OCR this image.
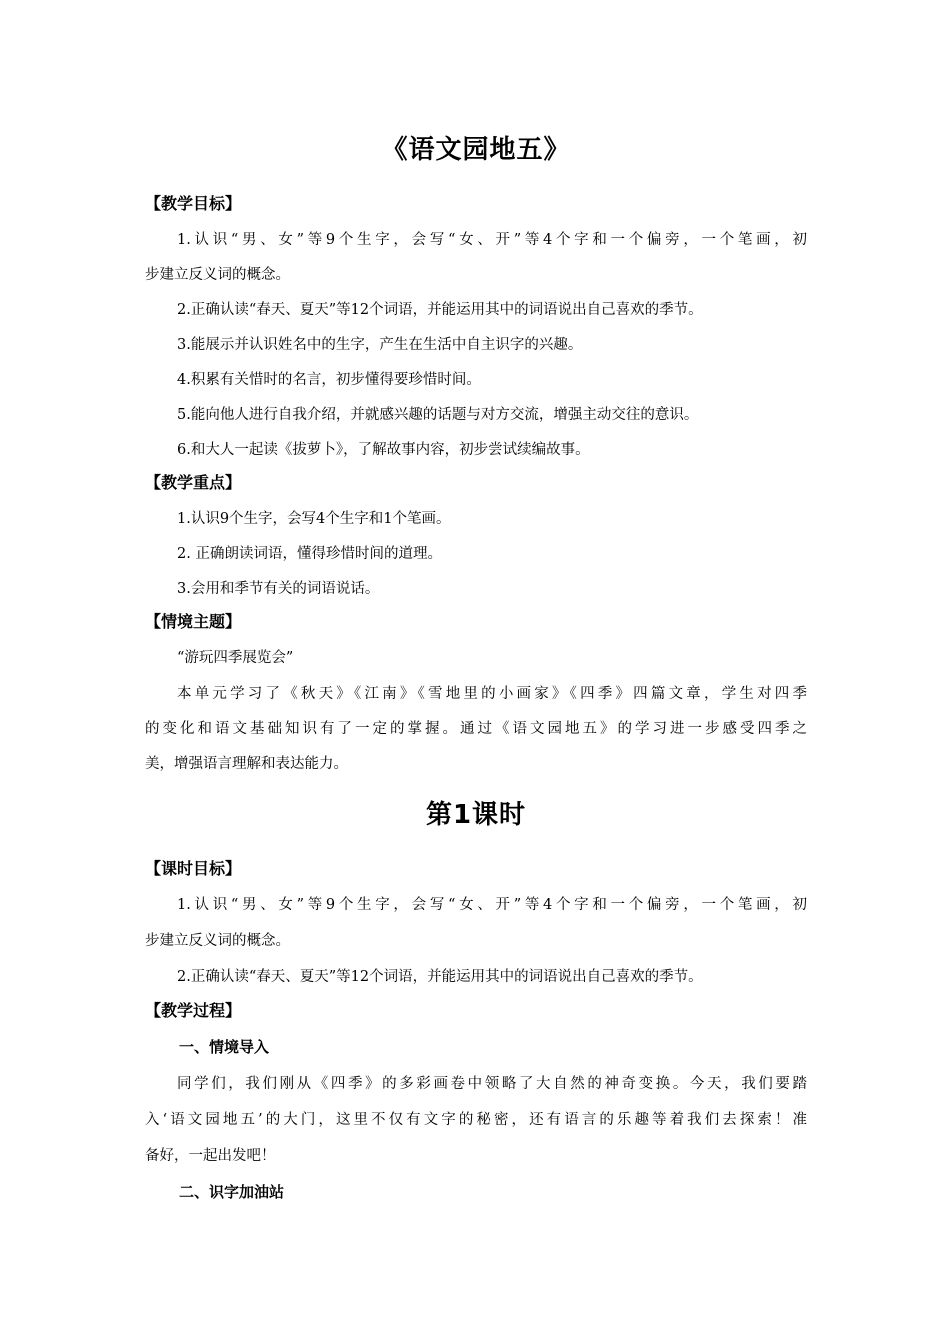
《语文园地五》
【教学目标】
1.认识“男、女”等9个生字，会写“女、开”等4个字和一个偏旁，一个笔画，初
步建立反义词的概念。
2.正确认读“春天、夏天”等12个词语，并能运用其中的词语说出自己喜欢的季节。
3.能展示并认识姓名中的生字，产生在生活中自主识字的兴趣。
4.积累有关惜时的名言，初步懂得要珍惜时间。
5.能向他人进行自我介绍，并就感兴趣的话题与对方交流，增强主动交往的意识。
6.和大人一起读《拔萝卜》，了解故事内容，初步尝试续编故事。
【教学重点】
1.认识9个生字，会写4个生字和1个笔画。
2. 正确朗读词语，懂得珍惜时间的道理。
3.会用和季节有关的词语说话。
【情境主题】
“游玩四季展览会”
本单元学习了《秋天》《江南》《雪地里的小画家》《四季》四篇文章，学生对四季
的变化和语文基础知识有了一定的掌握。通过《语文园地五》的学习进一步感受四季之
美，增强语言理解和表达能力。
第1课时
【课时目标】
1.认识“男、女”等9个生字，会写“女、开”等4个字和一个偏旁，一个笔画，初
步建立反义词的概念。
2.正确认读“春天、夏天”等12个词语，并能运用其中的词语说出自己喜欢的季节。
【教学过程】
一、情境导入
同学们，我们刚从《四季》的多彩画卷中领略了大自然的神奇变换。今天，我们要踏
入‘语文园地五’的大门，这里不仅有文字的秘密，还有语言的乐趣等着我们去探索！准
备好，一起出发吧！
二、识字加油站
